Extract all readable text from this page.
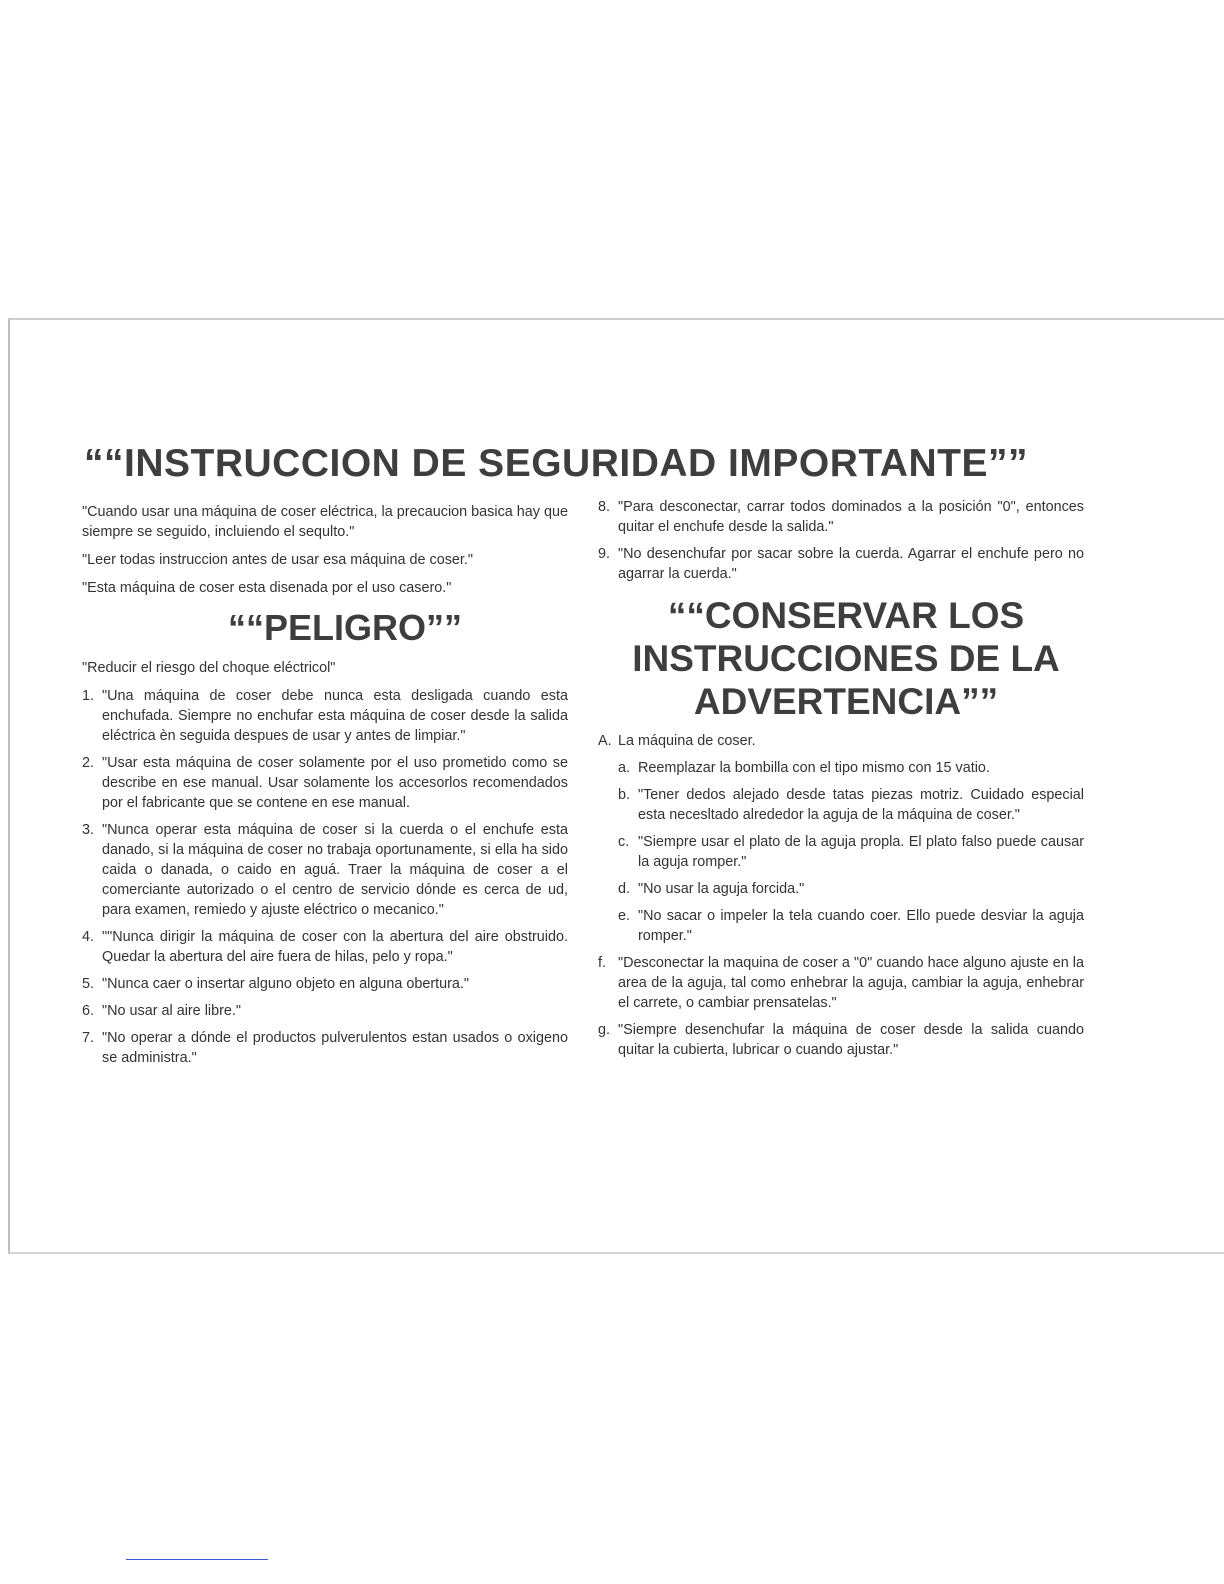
““INSTRUCCION DE SEGURIDAD IMPORTANTE””

"Cuando usar una máquina de coser eléctrica, la precaucion basica hay que siempre se seguido, incluiendo el sequlto."

"Leer todas instruccion antes de usar esa máquina de coser."

"Esta máquina de coser esta disenada por el uso casero."

““PELIGRO””

"Reducir el riesgo del choque eléctricol"

1. "Una máquina de coser debe nunca esta desligada cuando esta enchufada. Siempre no enchufar esta máquina de coser desde la salida eléctrica èn seguida despues de usar y antes de limpiar."
2. "Usar esta máquina de coser solamente por el uso prometido como se describe en ese manual. Usar solamente los accesorlos recomendados por el fabricante que se contene en ese manual.
3. "Nunca operar esta máquina de coser si la cuerda o el enchufe esta danado, si la máquina de coser no trabaja oportunamente, si ella ha sido caida o danada, o caido en aguá. Traer la máquina de coser a el comerciante autorizado o el centro de servicio dónde es cerca de ud, para examen, remiedo y ajuste eléctrico o mecanico."
4. ""Nunca dirigir la máquina de coser con la abertura del aire obstruido. Quedar la abertura del aire fuera de hilas, pelo y ropa."
5. "Nunca caer o insertar alguno objeto en alguna obertura."
6. "No usar al aire libre."
7. "No operar a dónde el productos pulverulentos estan usados o oxigeno se administra."
8. "Para desconectar, carrar todos dominados a la posición "0", entonces quitar el enchufe desde la salida."
9. "No desenchufar por sacar sobre la cuerda. Agarrar el enchufe pero no agarrar la cuerda."
““CONSERVAR LOS INSTRUCCIONES DE LA ADVERTENCIA””
A. La máquina de coser.
a. Reemplazar la bombilla con el tipo mismo con 15 vatio.
b. "Tener dedos alejado desde tatas piezas motriz. Cuidado especial esta necesltado alrededor la aguja de la máquina de coser."
c. "Siempre usar el plato de la aguja propla. El plato falso puede causar la aguja romper."
d. "No usar la aguja forcida."
e. "No sacar o impeler la tela cuando coer. Ello puede desviar la aguja romper."
f. "Desconectar la maquina de coser a "0" cuando hace alguno ajuste en la area de la aguja, tal como enhebrar la aguja, cambiar la aguja, enhebrar el carrete, o cambiar prensatelas."
g. "Siempre desenchufar la máquina de coser desde la salida cuando quitar la cubierta, lubricar o cuando ajustar."
